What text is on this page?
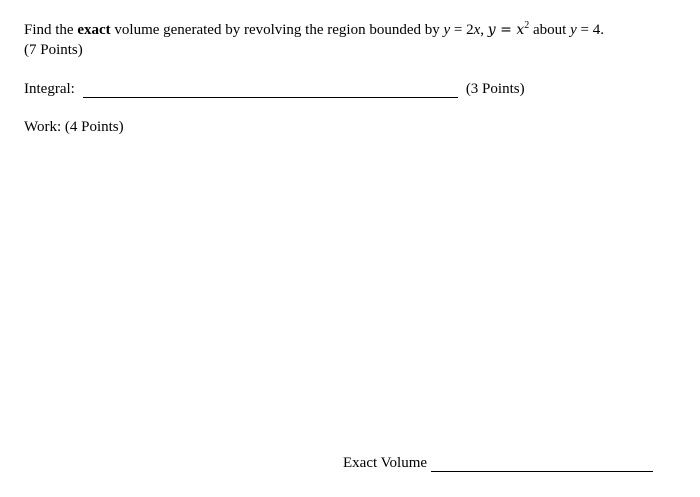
Find the exact volume generated by revolving the region bounded by y = 2x, $y = x^2$ about y = 4.
(7 Points)
Integral:	(3 Points)
Work: (4 Points)
Exact Volume
